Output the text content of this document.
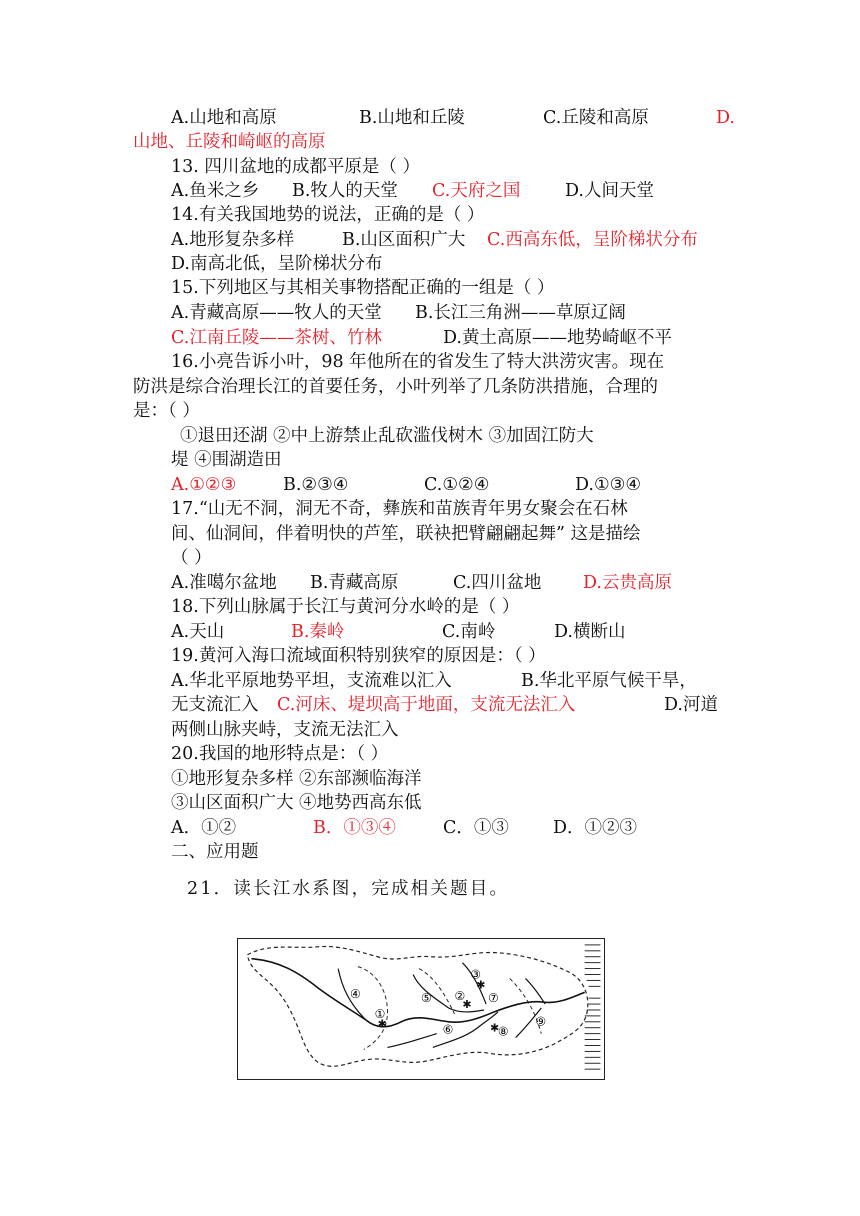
A.山地和高原	B.山地和丘陵	C.丘陵和高原	D.
山地、丘陵和崎岖的高原
13. 四川盆地的成都平原是（ ）
A.鱼米之乡 B.牧人的天堂 C.天府之国	D.人间天堂
14.有关我国地势的说法，正确的是（ ）
A.地形复杂多样	B.山区面积广大 C.西高东低，呈阶梯状分布
D.南高北低，呈阶梯状分布
15.下列地区与其相关事物搭配正确的一组是（ ）
A.青藏高原——牧人的天堂 B.长江三角洲——草原辽阔
C.江南丘陵——茶树、竹林	D.黄土高原——地势崎岖不平
16.小亮告诉小叶，98 年他所在的省发生了特大洪涝灾害。现在
防洪是综合治理长江的首要任务，小叶列举了几条防洪措施，合理的
是：（ ）
①退田还湖 ②中上游禁止乱砍滥伐树木 ③加固江防大
堤 ④围湖造田
A.①②③	B.②③④	C.①②④	D.①③④
17.“山无不洞，洞无不奇，彝族和苗族青年男女聚会在石林
间、仙洞间，伴着明快的芦笙，联袂把臂翩翩起舞” 这是描绘
（ ）
A.准噶尔盆地 B.青藏高原	C.四川盆地 D.云贵高原
18.下列山脉属于长江与黄河分水岭的是（ ）
A.天山	B.秦岭	C.南岭	D.横断山
19.黄河入海口流域面积特别狭窄的原因是：（ ）
A.华北平原地势平坦，支流难以汇入	B.华北平原气候干旱，
无支流汇入 C.河床、堤坝高于地面，支流无法汇入	D.河道
两侧山脉夹峙，支流无法汇入
20.我国的地形特点是：（ ）
①地形复杂多样 ②东部濒临海洋
③山区面积广大 ④地势西高东低
A．①②	B．①③④	C．①③	D．①②③
二、应用题
21．读长江水系图，完成相关题目。
✱
✱
✱
✱
①
②
③
④	⑤
⑥
⑦
⑧
⑨
